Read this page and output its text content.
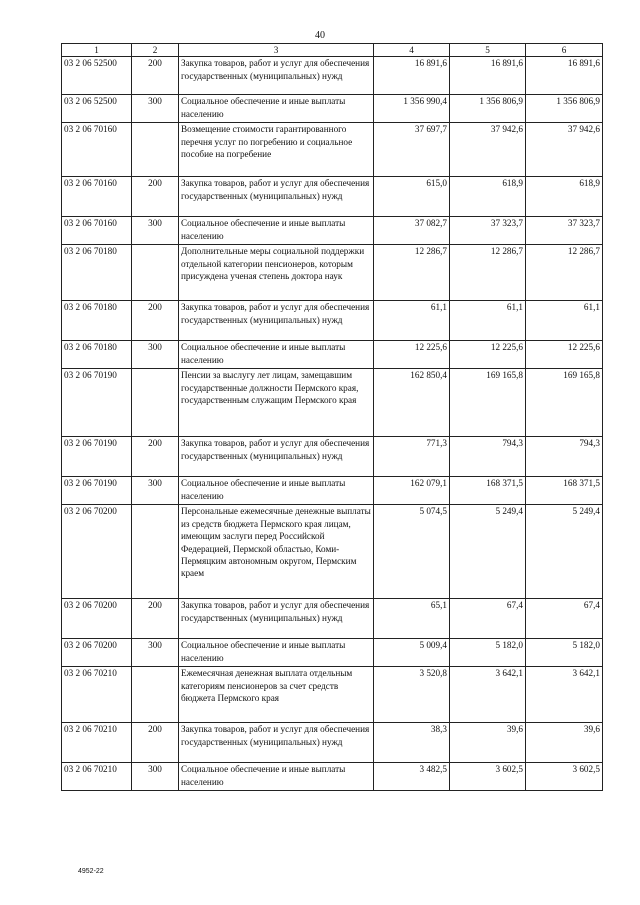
40
1	2	3	4	5	6
03 2 06 52500	200	Закупка товаров, работ и услуг для обеспечения государственных (муниципальных) нужд	16 891,6	16 891,6	16 891,6
03 2 06 52500	300	Социальное обеспечение и иные выплаты населению	1 356 990,4	1 356 806,9	1 356 806,9
03 2 06 70160		Возмещение стоимости гарантированного перечня услуг по погребению и социальное пособие на погребение	37 697,7	37 942,6	37 942,6
03 2 06 70160	200	Закупка товаров, работ и услуг для обеспечения государственных (муниципальных) нужд	615,0	618,9	618,9
03 2 06 70160	300	Социальное обеспечение и иные выплаты населению	37 082,7	37 323,7	37 323,7
03 2 06 70180		Дополнительные меры социальной поддержки отдельной категории пенсионеров, которым присуждена ученая степень доктора наук	12 286,7	12 286,7	12 286,7
03 2 06 70180	200	Закупка товаров, работ и услуг для обеспечения государственных (муниципальных) нужд	61,1	61,1	61,1
03 2 06 70180	300	Социальное обеспечение и иные выплаты населению	12 225,6	12 225,6	12 225,6
03 2 06 70190		Пенсии за выслугу лет лицам, замещавшим государственные должности Пермского края, государственным служащим Пермского края	162 850,4	169 165,8	169 165,8
03 2 06 70190	200	Закупка товаров, работ и услуг для обеспечения государственных (муниципальных) нужд	771,3	794,3	794,3
03 2 06 70190	300	Социальное обеспечение и иные выплаты населению	162 079,1	168 371,5	168 371,5
03 2 06 70200		Персональные ежемесячные денежные выплаты из средств бюджета Пермского края лицам, имеющим заслуги перед Российской Федерацией, Пермской областью, Коми-Пермяцким автономным округом, Пермским краем	5 074,5	5 249,4	5 249,4
03 2 06 70200	200	Закупка товаров, работ и услуг для обеспечения государственных (муниципальных) нужд	65,1	67,4	67,4
03 2 06 70200	300	Социальное обеспечение и иные выплаты населению	5 009,4	5 182,0	5 182,0
03 2 06 70210		Ежемесячная денежная выплата отдельным категориям пенсионеров за счет средств бюджета Пермского края	3 520,8	3 642,1	3 642,1
03 2 06 70210	200	Закупка товаров, работ и услуг для обеспечения государственных (муниципальных) нужд	38,3	39,6	39,6
03 2 06 70210	300	Социальное обеспечение и иные выплаты населению	3 482,5	3 602,5	3 602,5
4952-22
